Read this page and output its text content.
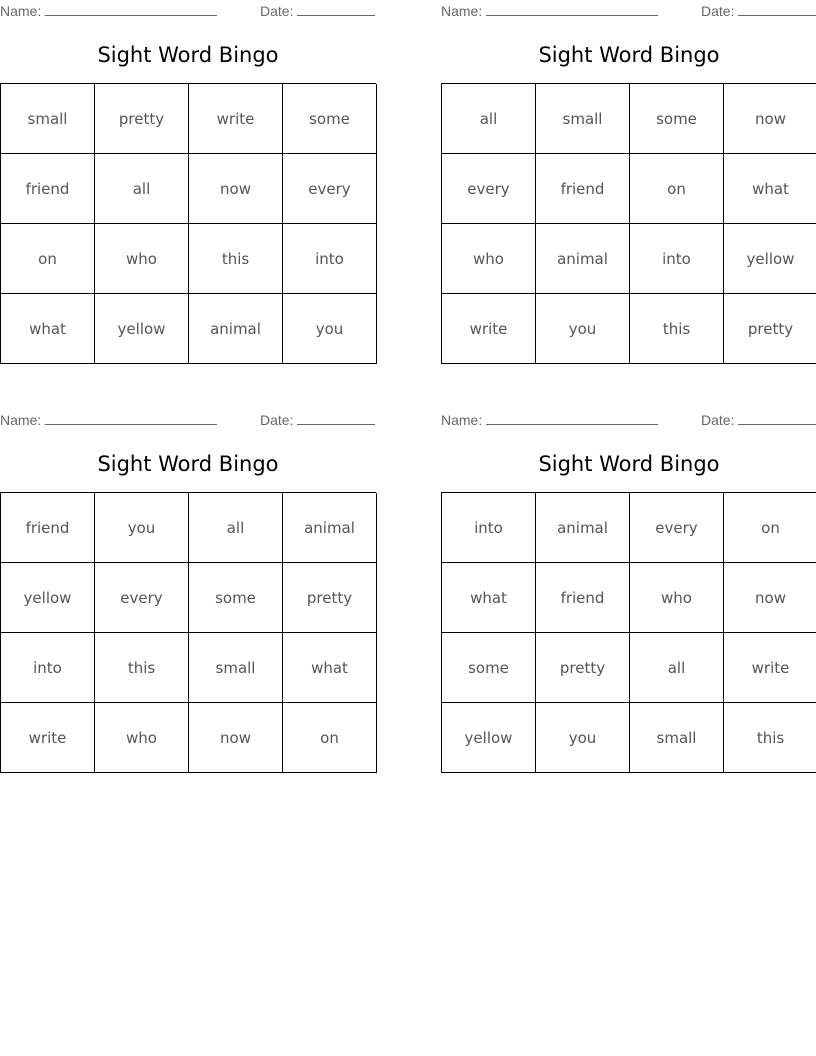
Name:	Date:
Sight Word Bingo
small	pretty	write	some
friend	all	now	every
on	who	this	into
what	yellow	animal	you
Name:	Date:
Sight Word Bingo
all	small	some	now
every	friend	on	what
who	animal	into	yellow
write	you	this	pretty
Name:	Date:
Sight Word Bingo
friend	you	all	animal
yellow	every	some	pretty
into	this	small	what
write	who	now	on
Name:	Date:
Sight Word Bingo
into	animal	every	on
what	friend	who	now
some	pretty	all	write
yellow	you	small	this
